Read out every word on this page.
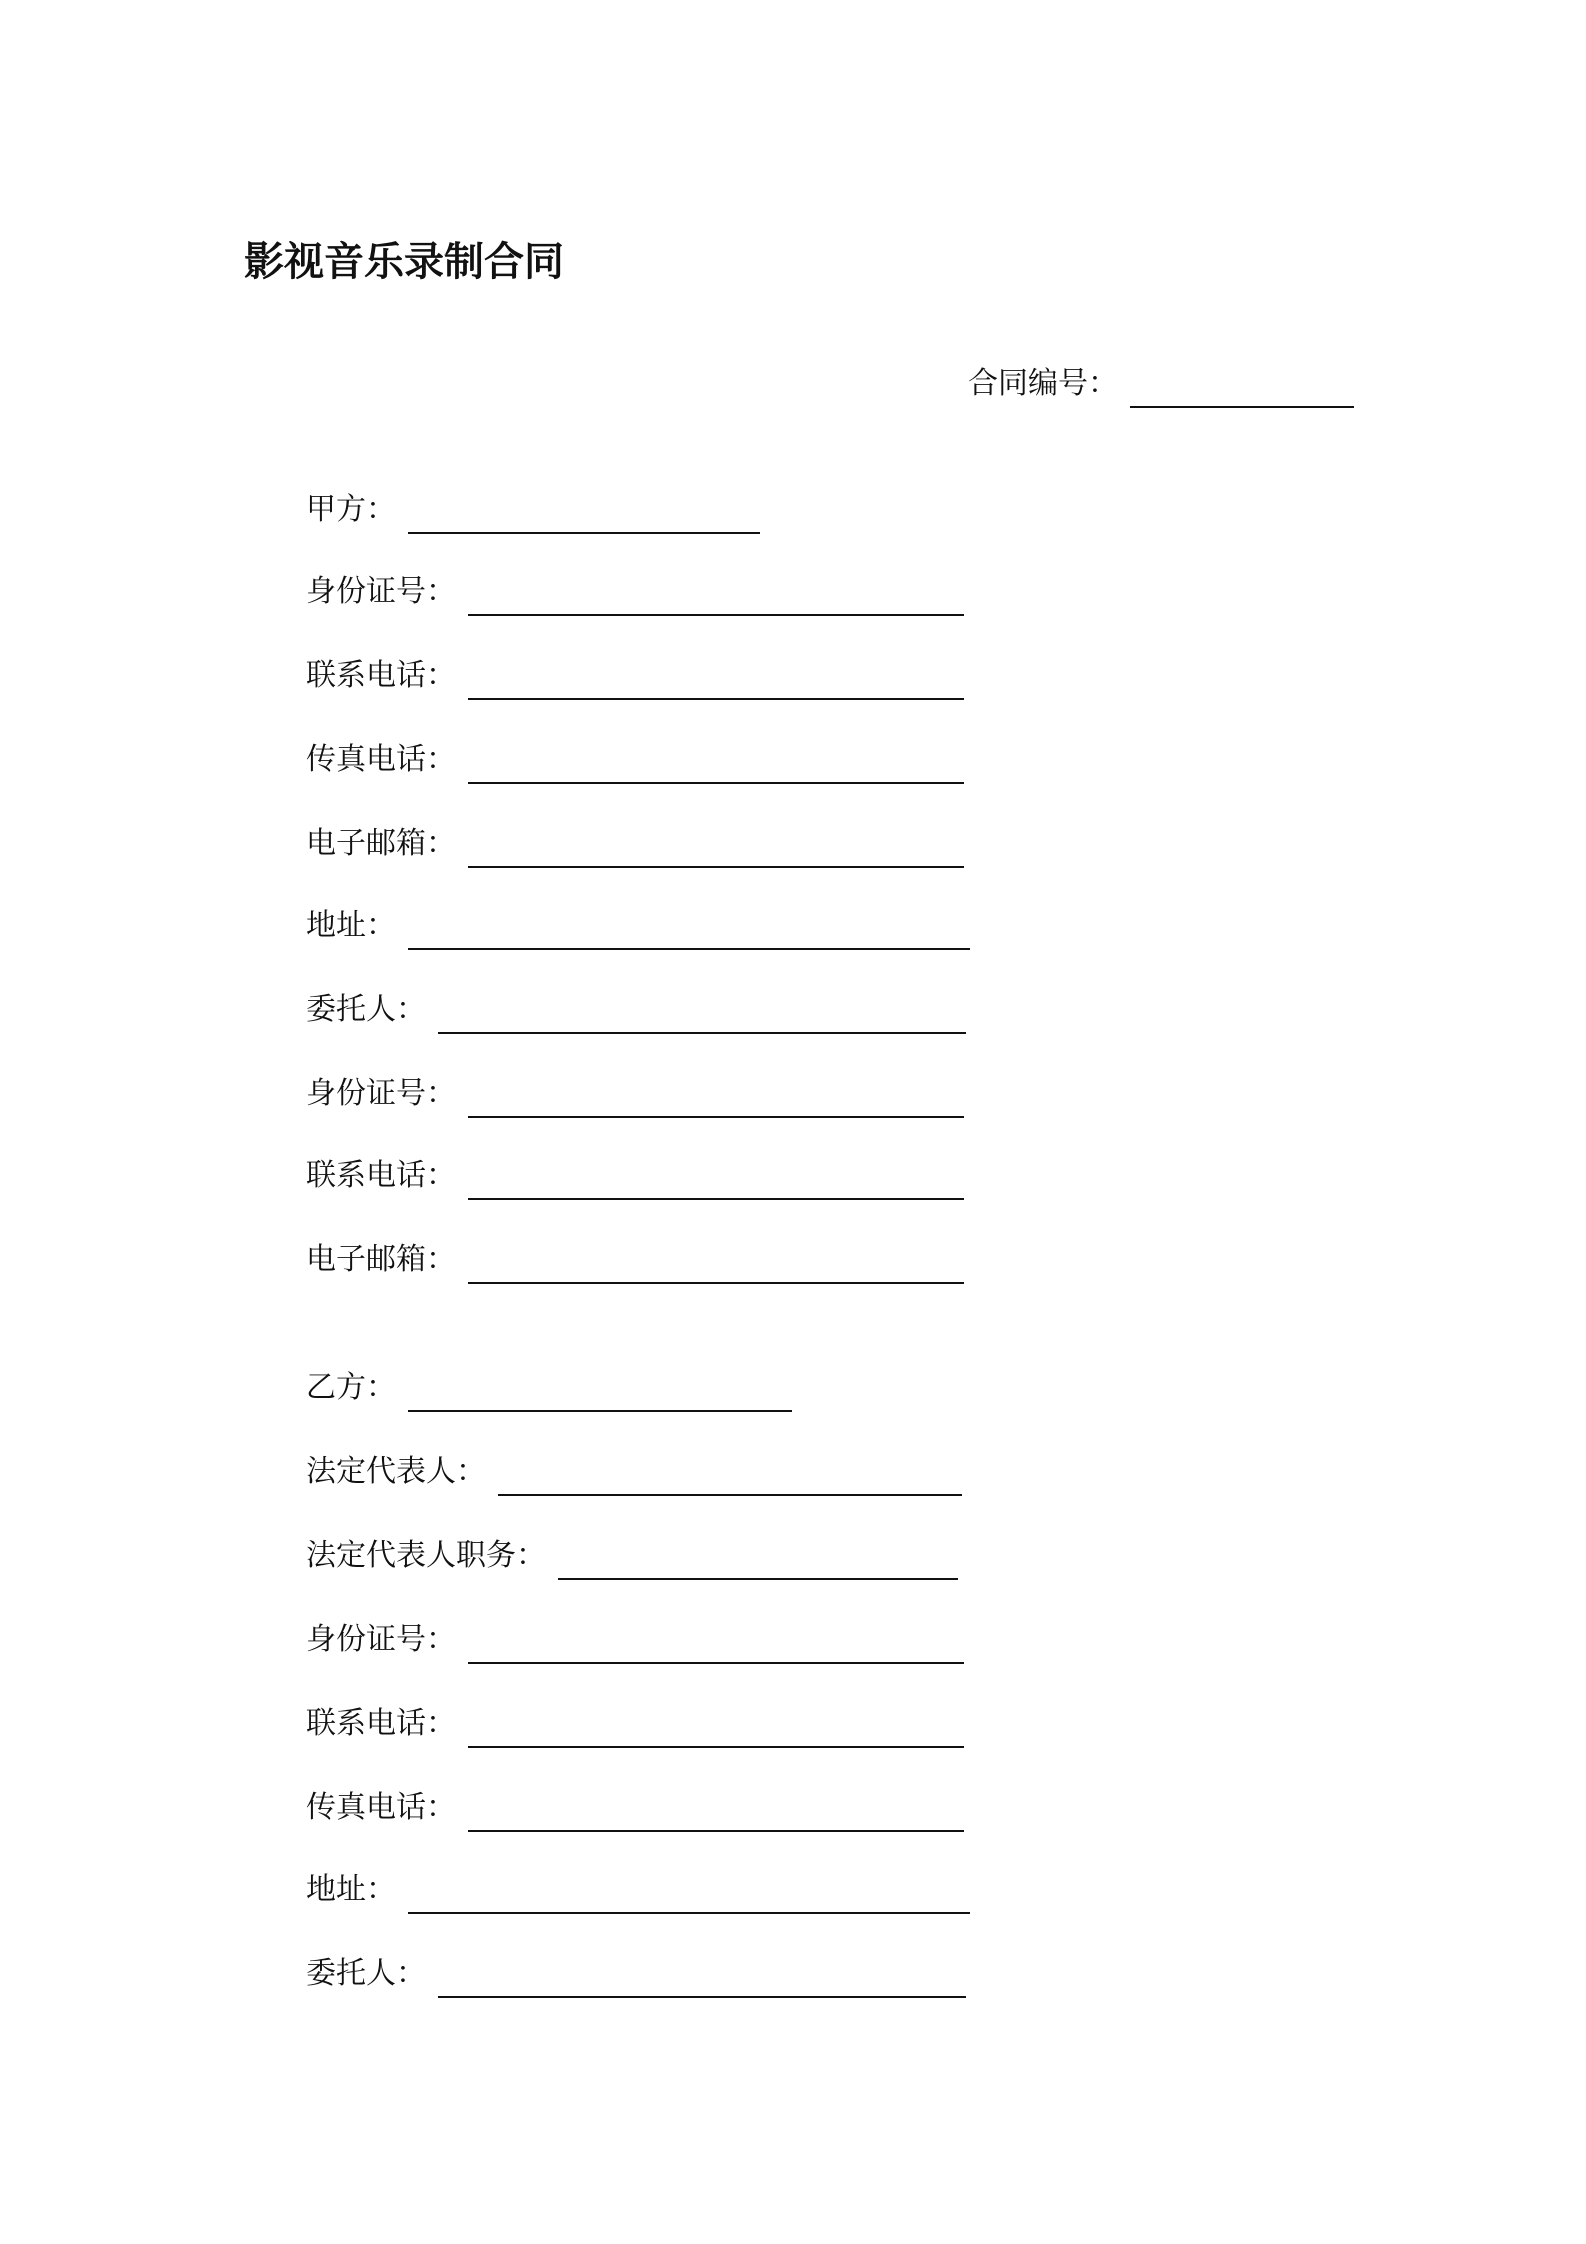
影视音乐录制合同
合同编号：
甲方：
身份证号：
联系电话：
传真电话：
电子邮箱：
地址：
委托人：
身份证号：
联系电话：
电子邮箱：
乙方：
法定代表人：
法定代表人职务：
身份证号：
联系电话：
传真电话：
地址：
委托人：
